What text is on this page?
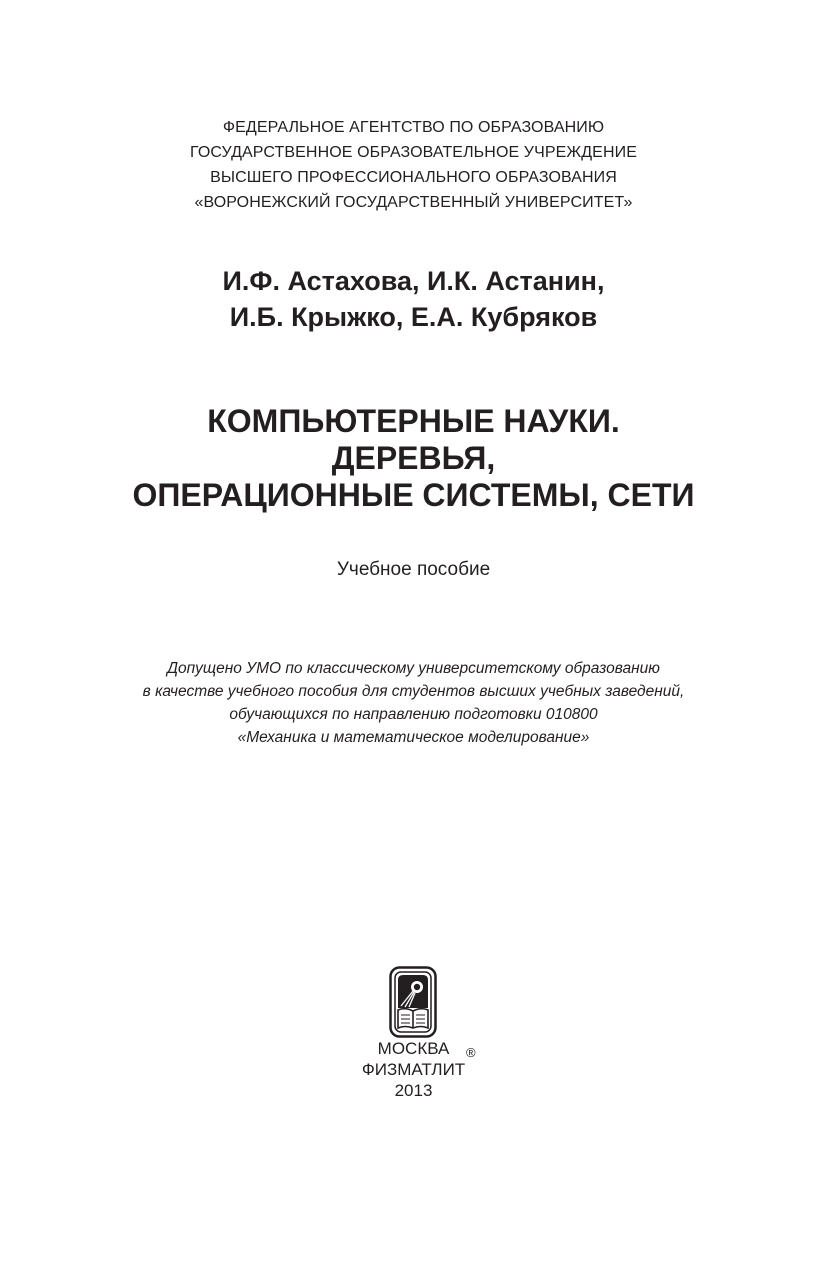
ФЕДЕРАЛЬНОЕ АГЕНТСТВО ПО ОБРАЗОВАНИЮ
ГОСУДАРСТВЕННОЕ ОБРАЗОВАТЕЛЬНОЕ УЧРЕЖДЕНИЕ
ВЫСШЕГО ПРОФЕССИОНАЛЬНОГО ОБРАЗОВАНИЯ
«ВОРОНЕЖСКИЙ ГОСУДАРСТВЕННЫЙ УНИВЕРСИТЕТ»
И.Ф. Астахова, И.К. Астанин,
И.Б. Крыжко, Е.А. Кубряков
КОМПЬЮТЕРНЫЕ НАУКИ.
ДЕРЕВЬЯ,
ОПЕРАЦИОННЫЕ СИСТЕМЫ, СЕТИ
Учебное пособие
Допущено УМО по классическому университетскому образованию
в качестве учебного пособия для студентов высших учебных заведений,
обучающихся по направлению подготовки 010800
«Механика и математическое моделирование»
МОСКВА
ФИЗМАТЛИТ
2013
®
